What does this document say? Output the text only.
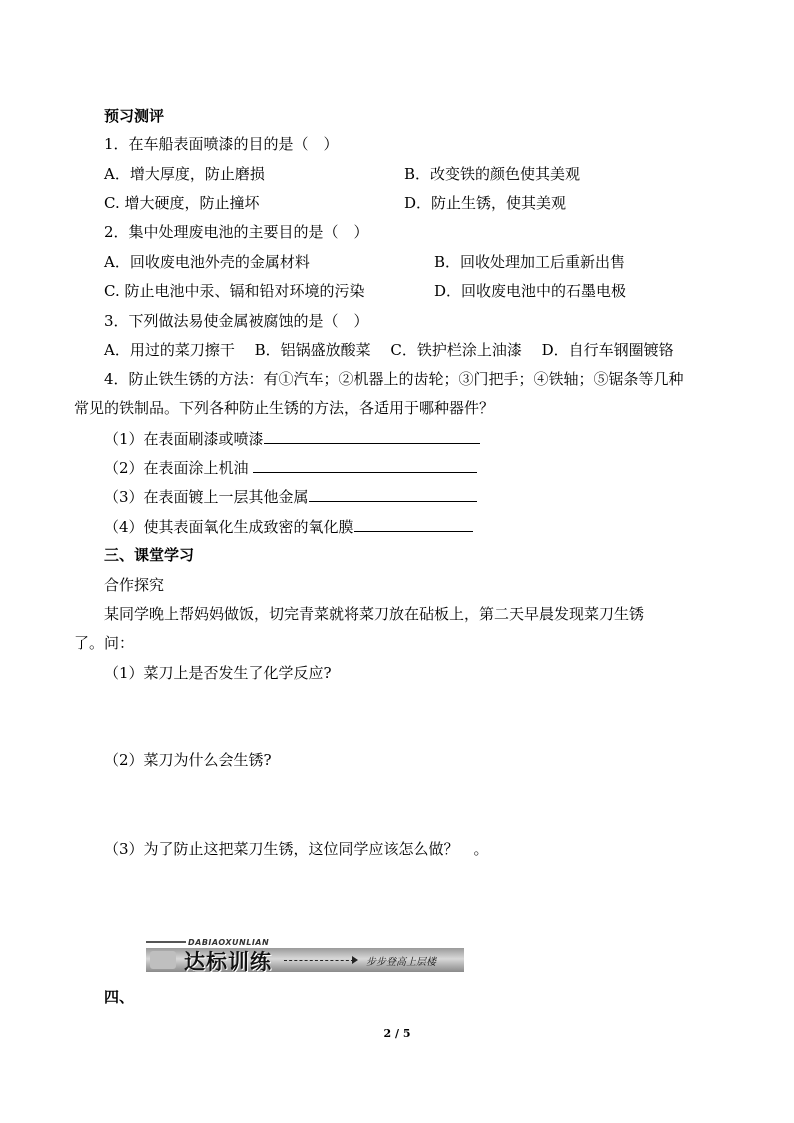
预习测评
1．在车船表面喷漆的目的是（　）
A．增大厚度，防止磨损	B．改变铁的颜色使其美观
C. 增大硬度，防止撞坏	D．防止生锈，使其美观
2．集中处理废电池的主要目的是（　）
A．回收废电池外壳的金属材料	B．回收处理加工后重新出售
C. 防止电池中汞、镉和铅对环境的污染	D．回收废电池中的石墨电极
3．下列做法易使金属被腐蚀的是（　）
A．用过的菜刀擦干　 B．铝锅盛放酸菜　 C．铁护栏涂上油漆　 D．自行车钢圈镀铬
4．防止铁生锈的方法：有①汽车；②机器上的齿轮；③门把手；④铁轴；⑤锯条等几种
常见的铁制品。下列各种防止生锈的方法，各适用于哪种器件？
（1）在表面刷漆或喷漆
（2）在表面涂上机油
（3）在表面镀上一层其他金属
（4）使其表面氧化生成致密的氧化膜
三、课堂学习
合作探究
某同学晚上帮妈妈做饭，切完青菜就将菜刀放在砧板上，第二天早晨发现菜刀生锈
了。问：
（1）菜刀上是否发生了化学反应?
（2）菜刀为什么会生锈?
（3）为了防止这把菜刀生锈，这位同学应该怎么做？　。
DABIAOXUNLIAN
达标训练	步步登高上层楼
四、
2 / 5
